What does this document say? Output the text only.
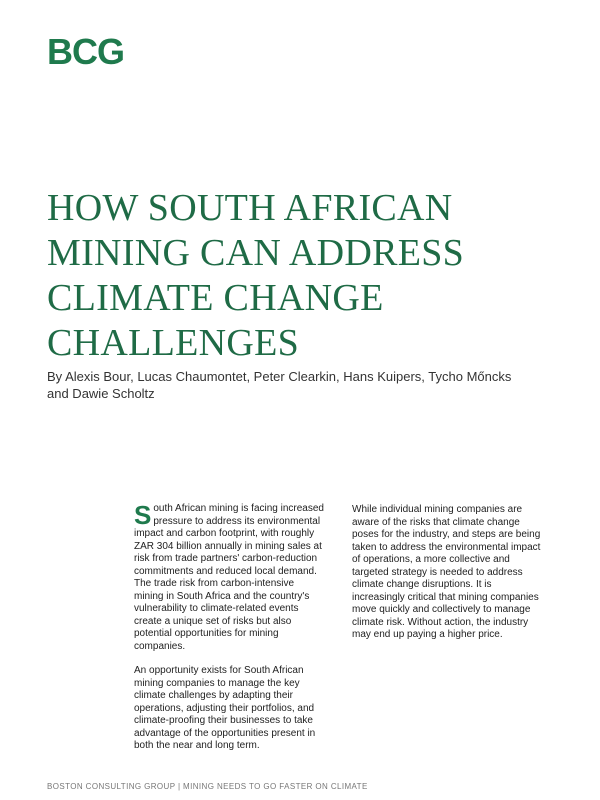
BCG
HOW SOUTH AFRICAN
MINING CAN ADDRESS
CLIMATE CHANGE
CHALLENGES
By Alexis Bour, Lucas Chaumontet, Peter Clearkin, Hans Kuipers, Tycho Mőncks and Dawie Scholtz

South African mining is facing increased pressure to address its environmental impact and carbon footprint, with roughly ZAR 304 billion annually in mining sales at risk from trade partners' carbon-reduction commitments and reduced local demand. The trade risk from carbon-intensive mining in South Africa and the country's vulnerability to climate-related events create a unique set of risks but also potential opportunities for mining companies.

An opportunity exists for South African mining companies to manage the key climate challenges by adapting their operations, adjusting their portfolios, and climate-proofing their businesses to take advantage of the opportunities present in both the near and long term.

While individual mining companies are aware of the risks that climate change poses for the industry, and steps are being taken to address the environmental impact of operations, a more collective and targeted strategy is needed to address climate change disruptions. It is increasingly critical that mining companies move quickly and collectively to manage climate risk. Without action, the industry may end up paying a higher price.

BOSTON CONSULTING GROUP | MINING NEEDS TO GO FASTER ON CLIMATE
